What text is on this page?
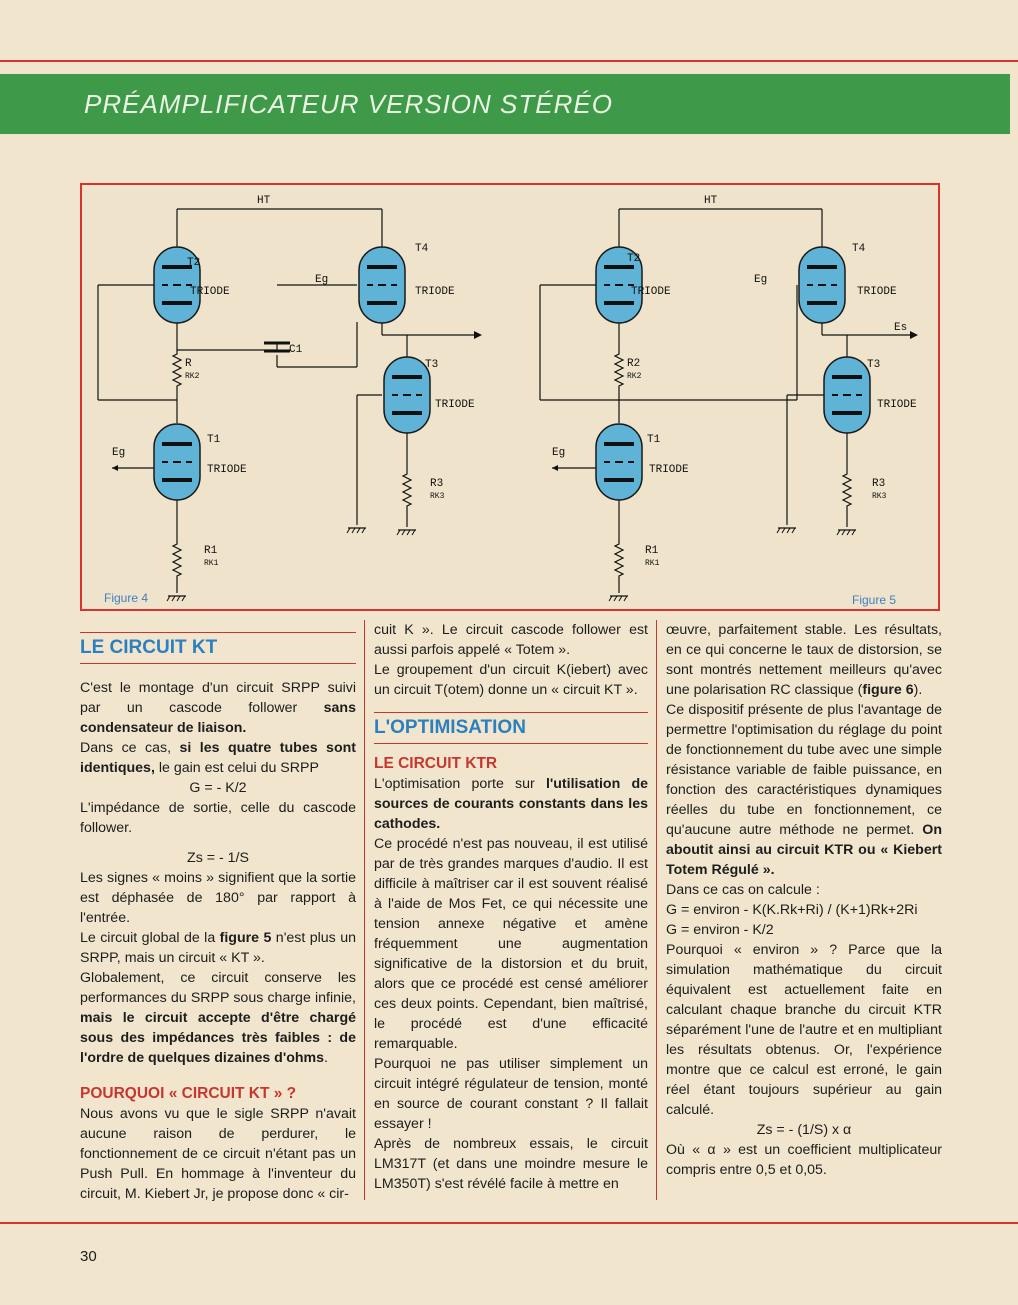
PRÉAMPLIFICATEUR VERSION STÉRÉO
HT
T2
TRIODE
Eg
T4
TRIODE
C1
R
RK2
T3
TRIODE
T1
TRIODE
Eg
R3
RK3
R1
RK1
HT
T2
TRIODE
Eg
T4
TRIODE
Es
R2
RK2
T3
TRIODE
T1
TRIODE
Eg
R3
RK3
R1
RK1
Figure 4	Figure 5
LE CIRCUIT KT

C'est le montage d'un circuit SRPP suivi par un cascode follower sans condensateur de liaison.

Dans ce cas, si les quatre tubes sont identiques, le gain est celui du SRPP

G = - K/2

L'impédance de sortie, celle du cascode follower.

Zs = - 1/S

Les signes « moins » signifient que la sortie est déphasée de 180° par rapport à l'entrée.

Le circuit global de la figure 5 n'est plus un SRPP, mais un circuit « KT ».

Globalement, ce circuit conserve les performances du SRPP sous charge infinie, mais le circuit accepte d'être chargé sous des impédances très faibles : de l'ordre de quelques dizaines d'ohms.

POURQUOI « CIRCUIT KT » ?

Nous avons vu que le sigle SRPP n'avait aucune raison de perdurer, le fonctionnement de ce circuit n'étant pas un Push Pull. En hommage à l'inventeur du circuit, M. Kiebert Jr, je propose donc « cir-

cuit K ». Le circuit cascode follower est aussi parfois appelé « Totem ».

Le groupement d'un circuit K(iebert) avec un circuit T(otem) donne un « circuit KT ».

L'OPTIMISATION

LE CIRCUIT KTR

L'optimisation porte sur l'utilisation de sources de courants constants dans les cathodes.

Ce procédé n'est pas nouveau, il est utilisé par de très grandes marques d'audio. Il est difficile à maîtriser car il est souvent réalisé à l'aide de Mos Fet, ce qui nécessite une tension annexe négative et amène fréquemment une augmentation significative de la distorsion et du bruit, alors que ce procédé est censé améliorer ces deux points. Cependant, bien maîtrisé, le procédé est d'une efficacité remarquable.

Pourquoi ne pas utiliser simplement un circuit intégré régulateur de tension, monté en source de courant constant ? Il fallait essayer !

Après de nombreux essais, le circuit LM317T (et dans une moindre mesure le LM350T) s'est révélé facile à mettre en

œuvre, parfaitement stable. Les résultats, en ce qui concerne le taux de distorsion, se sont montrés nettement meilleurs qu'avec une polarisation RC classique (figure 6).

Ce dispositif présente de plus l'avantage de permettre l'optimisation du réglage du point de fonctionnement du tube avec une simple résistance variable de faible puissance, en fonction des caractéristiques dynamiques réelles du tube en fonctionnement, ce qu'aucune autre méthode ne permet. On aboutit ainsi au circuit KTR ou « Kiebert Totem Régulé ».

Dans ce cas on calcule :

G = environ - K(K.Rk+Ri) / (K+1)Rk+2Ri

G = environ - K/2

Pourquoi « environ » ? Parce que la simulation mathématique du circuit équivalent est actuellement faite en calculant chaque branche du circuit KTR séparément l'une de l'autre et en multipliant les résultats obtenus. Or, l'expérience montre que ce calcul est erroné, le gain réel étant toujours supérieur au gain calculé.

Zs = - (1/S) x α

Où « α » est un coefficient multiplicateur compris entre 0,5 et 0,05.

30
